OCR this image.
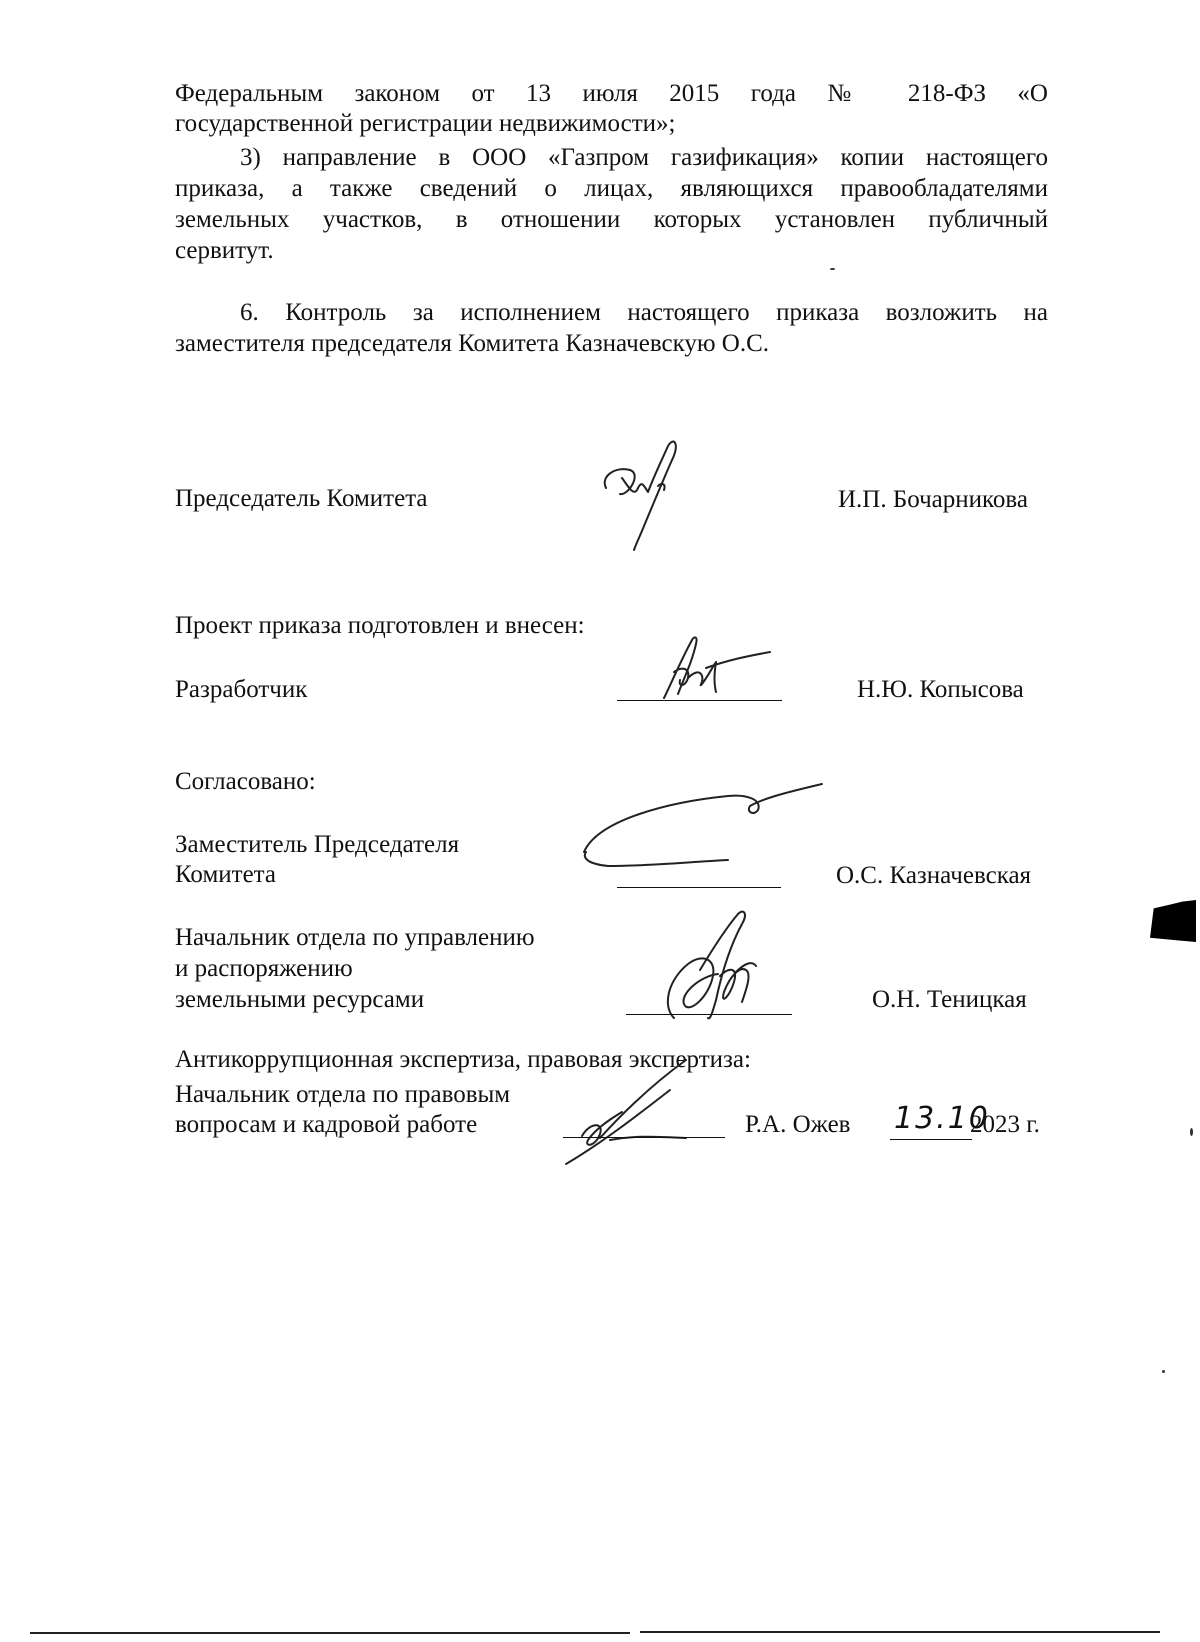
Федеральным законом от 13 июля 2015 года № 218-ФЗ «О
государственной регистрации недвижимости»;
3) направление в ООО «Газпром газификация» копии настоящего
приказа, а также сведений о лицах, являющихся правообладателями
земельных участков, в отношении которых установлен публичный
сервитут.
6. Контроль за исполнением настоящего приказа возложить на
заместителя председателя Комитета Казначевскую О.С.
Председатель Комитета	И.П. Бочарникова
Проект приказа подготовлен и внесен:
Разработчик	Н.Ю. Копысова
Согласовано:
Заместитель Председателя
Комитета	О.С. Казначевская
Начальник отдела по управлению
и распоряжению
земельными ресурсами	О.Н. Теницкая
Антикоррупционная экспертиза, правовая экспертиза:
Начальник отдела по правовым
вопросам и кадровой работе	Р.А. Ожев 13.10
2023 г.
